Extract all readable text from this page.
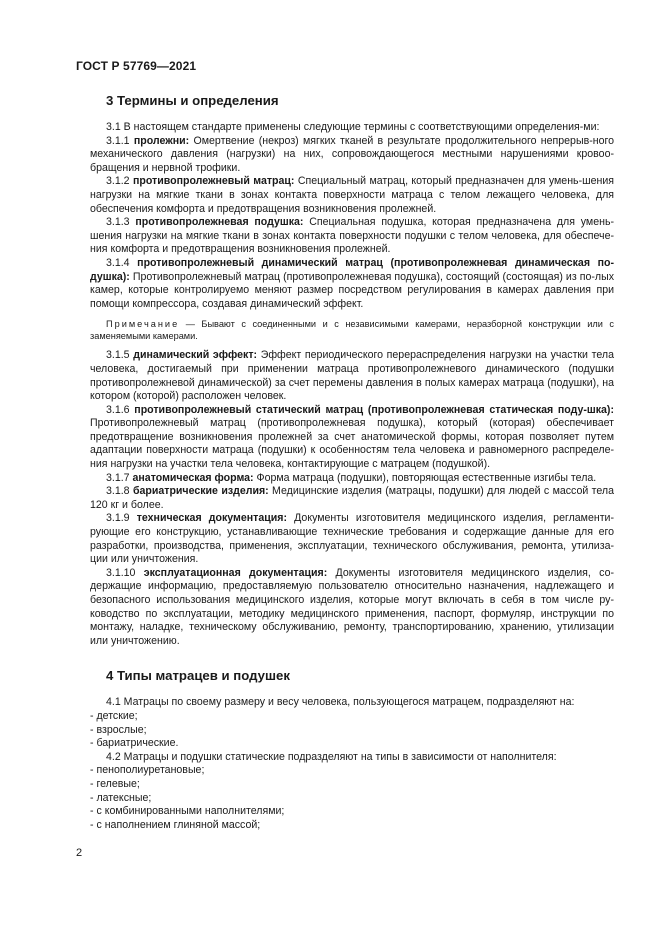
ГОСТ Р 57769—2021
3 Термины и определения

3.1 В настоящем стандарте применены следующие термины с соответствующими определения-ми:

3.1.1 пролежни: Омертвение (некроз) мягких тканей в результате продолжительного непрерыв-ного механического давления (нагрузки) на них, сопровождающегося местными нарушениями кровоо-бращения и нервной трофики.

3.1.2 противопролежневый матрац: Специальный матрац, который предназначен для умень-шения нагрузки на мягкие ткани в зонах контакта поверхности матраца с телом лежащего человека, для обеспечения комфорта и предотвращения возникновения пролежней.

3.1.3 противопролежневая подушка: Специальная подушка, которая предназначена для умень-шения нагрузки на мягкие ткани в зонах контакта поверхности подушки с телом человека, для обеспече-ния комфорта и предотвращения возникновения пролежней.

3.1.4 противопролежневый динамический матрац (противопролежневая динамическая по-душка): Противопролежневый матрац (противопролежневая подушка), состоящий (состоящая) из по-лых камер, которые контролируемо меняют размер посредством регулирования в камерах давления при помощи компрессора, создавая динамический эффект.

Примечание — Бывают с соединенными и с независимыми камерами, неразборной конструкции или с заменяемыми камерами.

3.1.5 динамический эффект: Эффект периодического перераспределения нагрузки на участки тела человека, достигаемый при применении матраца противопролежневого динамического (подушки противопролежневой динамической) за счет перемены давления в полых камерах матраца (подушки), на котором (которой) расположен человек.

3.1.6 противопролежневый статический матрац (противопролежневая статическая поду-шка): Противопролежневый матрац (противопролежневая подушка), который (которая) обеспечивает предотвращение возникновения пролежней за счет анатомической формы, которая позволяет путем адаптации поверхности матраца (подушки) к особенностям тела человека и равномерного распределе-ния нагрузки на участки тела человека, контактирующие с матрацем (подушкой).

3.1.7 анатомическая форма: Форма матраца (подушки), повторяющая естественные изгибы тела.

3.1.8 бариатрические изделия: Медицинские изделия (матрацы, подушки) для людей с массой тела 120 кг и более.

3.1.9 техническая документация: Документы изготовителя медицинского изделия, регламенти-рующие его конструкцию, устанавливающие технические требования и содержащие данные для его разработки, производства, применения, эксплуатации, технического обслуживания, ремонта, утилиза-ции или уничтожения.

3.1.10 эксплуатационная документация: Документы изготовителя медицинского изделия, со-держащие информацию, предоставляемую пользователю относительно назначения, надлежащего и безопасного использования медицинского изделия, которые могут включать в себя в том числе ру-ководство по эксплуатации, методику медицинского применения, паспорт, формуляр, инструкции по монтажу, наладке, техническому обслуживанию, ремонту, транспортированию, хранению, утилизации или уничтожению.

4 Типы матрацев и подушек

4.1 Матрацы по своему размеру и весу человека, пользующегося матрацем, подразделяют на:

- детские;
- взрослые;
- бариатрические.

4.2 Матрацы и подушки статические подразделяют на типы в зависимости от наполнителя:

- пенополиуретановые;
- гелевые;
- латексные;
- с комбинированными наполнителями;
- с наполнением глиняной массой;
2
